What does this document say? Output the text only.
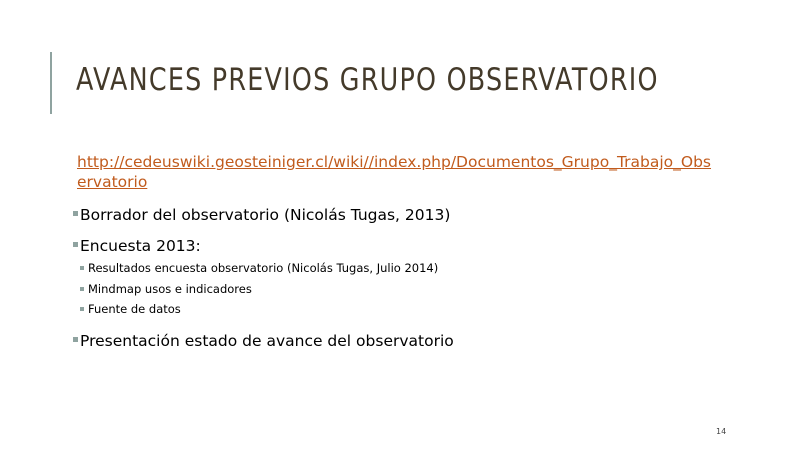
AVANCES PREVIOS GRUPO OBSERVATORIO
http://cedeuswiki.geosteiniger.cl/wiki//index.php/Documentos_Grupo_Trabajo_Observatorio
Borrador del observatorio (Nicolás Tugas, 2013)
Encuesta 2013:
Resultados encuesta observatorio (Nicolás Tugas, Julio 2014)
Mindmap usos e indicadores
Fuente de datos
Presentación estado de avance del observatorio
14
